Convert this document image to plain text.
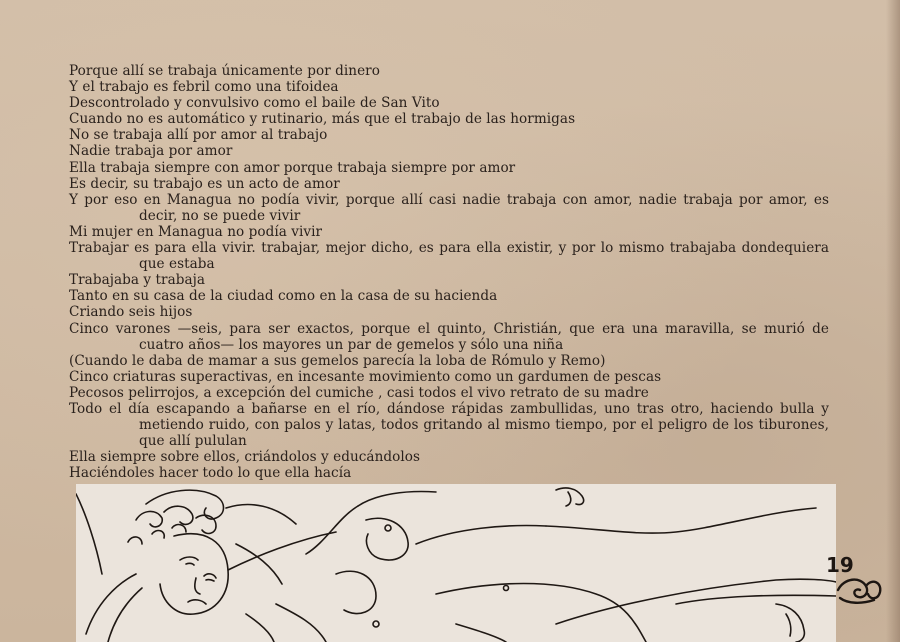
Porque allí se trabaja únicamente por dinero
Y el trabajo es febril como una tifoidea
Descontrolado y convulsivo como el baile de San Vito
Cuando no es automático y rutinario, más que el trabajo de las hormigas
No se trabaja allí por amor al trabajo
Nadie trabaja por amor
Ella trabaja siempre con amor porque trabaja siempre por amor
Es decir, su trabajo es un acto de amor
Y por eso en Managua no podía vivir, porque allí casi nadie trabaja con amor, nadie trabaja por amor, es decir, no se puede vivir
Mi mujer en Managua no podía vivir
Trabajar es para ella vivir. trabajar, mejor dicho, es para ella existir, y por lo mismo trabajaba dondequiera que estaba
Trabajaba y trabaja
Tanto en su casa de la ciudad como en la casa de su hacienda
Criando seis hijos
Cinco varones —seis, para ser exactos, porque el quinto, Christián, que era una maravilla, se murió de cuatro años— los mayores un par de gemelos y sólo una niña
(Cuando le daba de mamar a sus gemelos parecía la loba de Rómulo y Remo)
Cinco criaturas superactivas, en incesante movimiento como un gardumen de pescas
Pecosos pelirrojos, a excepción del cumiche , casi todos el vivo retrato de su madre
Todo el día escapando a bañarse en el río, dándose rápidas zambullidas, uno tras otro, haciendo bulla y metiendo ruido, con palos y latas, todos gritando al mismo tiempo, por el peligro de los tiburones, que allí pululan
Ella siempre sobre ellos, criándolos y educándolos
Haciéndoles hacer todo lo que ella hacía
19
